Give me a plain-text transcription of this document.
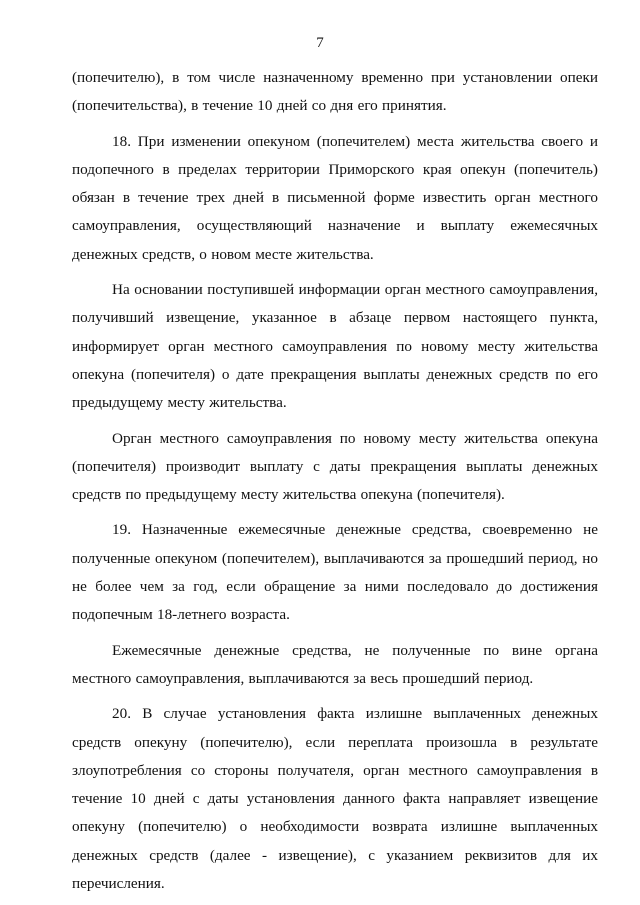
7

(попечителю), в том числе назначенному временно при установлении опеки (попечительства), в течение 10 дней со дня его принятия.

18. При изменении опекуном (попечителем) места жительства своего и подопечного в пределах территории Приморского края опекун (попечитель) обязан в течение трех дней в письменной форме известить орган местного самоуправления, осуществляющий назначение и выплату ежемесячных денежных средств, о новом месте жительства.

На основании поступившей информации орган местного самоуправления, получивший извещение, указанное в абзаце первом настоящего пункта, информирует орган местного самоуправления по новому месту жительства опекуна (попечителя) о дате прекращения выплаты денежных средств по его предыдущему месту жительства.

Орган местного самоуправления по новому месту жительства опекуна (попечителя) производит выплату с даты прекращения выплаты денежных средств по предыдущему месту жительства опекуна (попечителя).

19. Назначенные ежемесячные денежные средства, своевременно не полученные опекуном (попечителем), выплачиваются за прошедший период, но не более чем за год, если обращение за ними последовало до достижения подопечным 18-летнего возраста.

Ежемесячные денежные средства, не полученные по вине органа местного самоуправления, выплачиваются за весь прошедший период.

20. В случае установления факта излишне выплаченных денежных средств опекуну (попечителю), если переплата произошла в результате злоупотребления со стороны получателя, орган местного самоуправления в течение 10 дней с даты установления данного факта направляет извещение опекуну (попечителю) о необходимости возврата излишне выплаченных денежных средств (далее - извещение), с указанием реквизитов для их перечисления.
